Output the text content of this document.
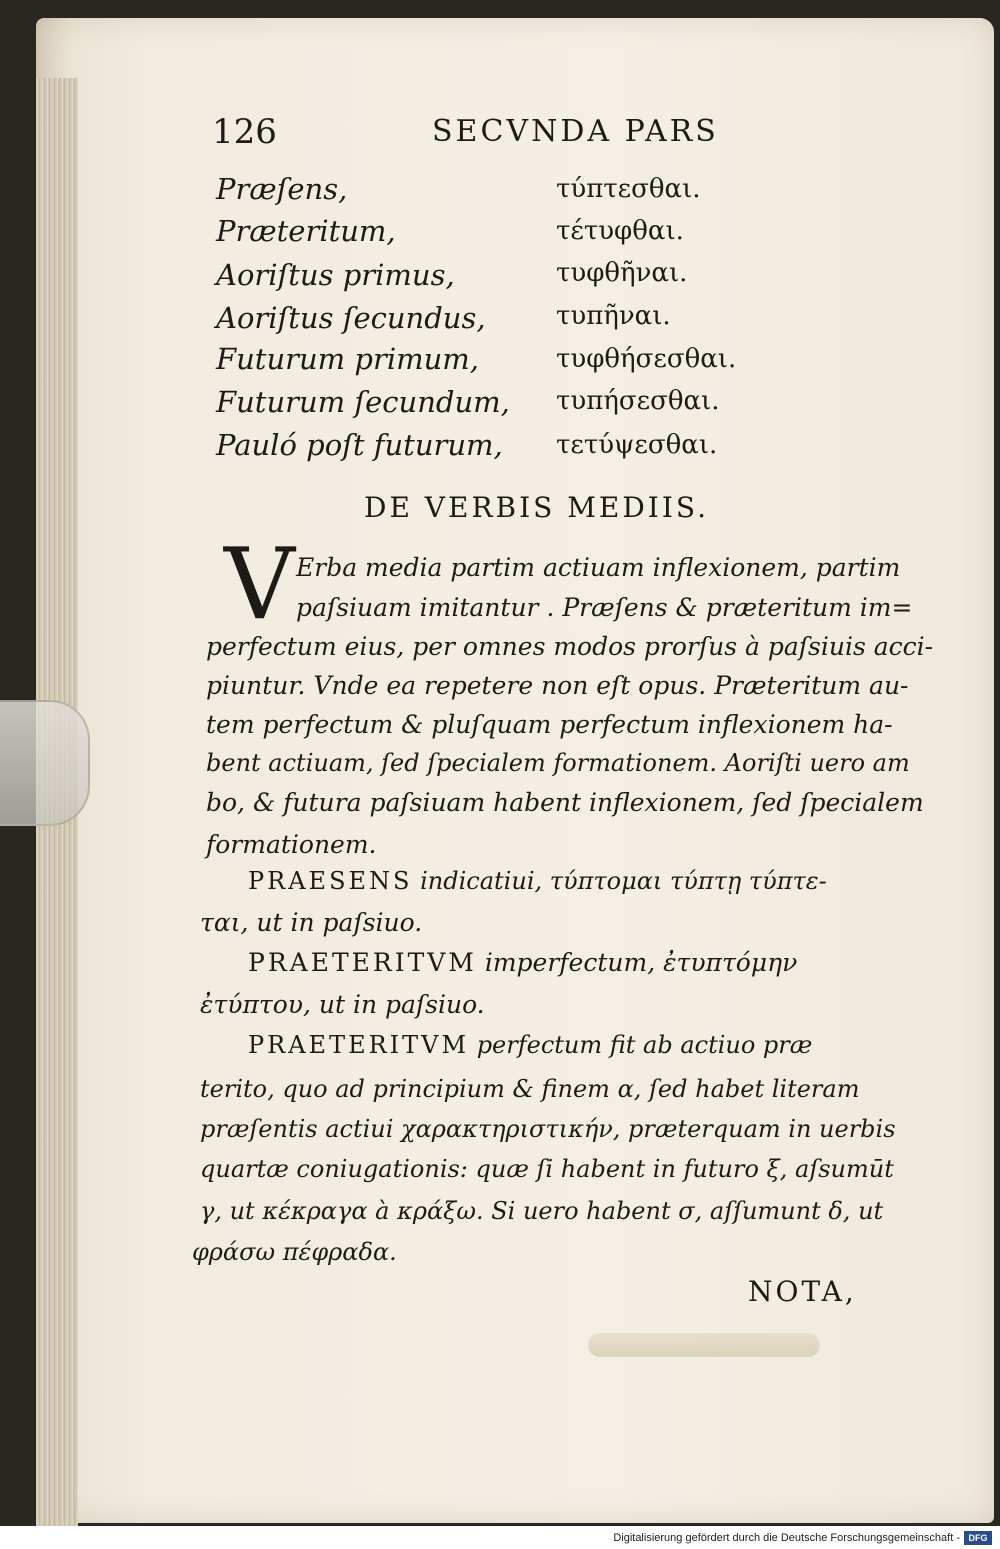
126	SECVNDA PARS
Præſens,	τύπτεσθαι.
Præteritum,	τέτυφθαι.
Aoriſtus primus,	τυφθῆναι.
Aoriſtus ſecundus,	τυπῆναι.
Futurum primum,	τυφθήσεσθαι.
Futurum ſecundum, τυπήσεσθαι.
Pauló poſt futurum, τετύψεσθαι.
DE VERBIS MEDIIS.
V Erba media partim actiuam inflexionem, partim
paſsiuam imitantur . Præſens & præteritum im=
perfectum eius, per omnes modos prorſus à paſsiuis acci-
piuntur. Vnde ea repetere non eſt opus. Præteritum au-
tem perfectum & pluſquam perfectum inflexionem ha-
bent actiuam, ſed ſpecialem formationem. Aoriſti uero am
bo, & futura paſsiuam habent inflexionem, ſed ſpecialem
formationem.
PRAESENS indicatiui, τύπτομαι τύπτῃ τύπτε-
ται, ut in paſsiuo.
PRAETERITVM imperfectum, ἐτυπτόμην
ἐτύπτου, ut in paſsiuo.
PRAETERITVM perfectum fit ab actiuo præ
terito, quo ad principium & finem α, ſed habet literam
præſentis actiui χαρακτηριστικήν, præterquam in uerbis
quartæ coniugationis: quæ ſi habent in futuro ξ, aſsumūt
γ, ut κέκραγα à κράξω. Si uero habent σ, aſſumunt δ, ut
φράσω πέφραδα.
NOTA,
Digitalisierung gefördert durch die Deutsche Forschungsgemeinschaft - DFG
